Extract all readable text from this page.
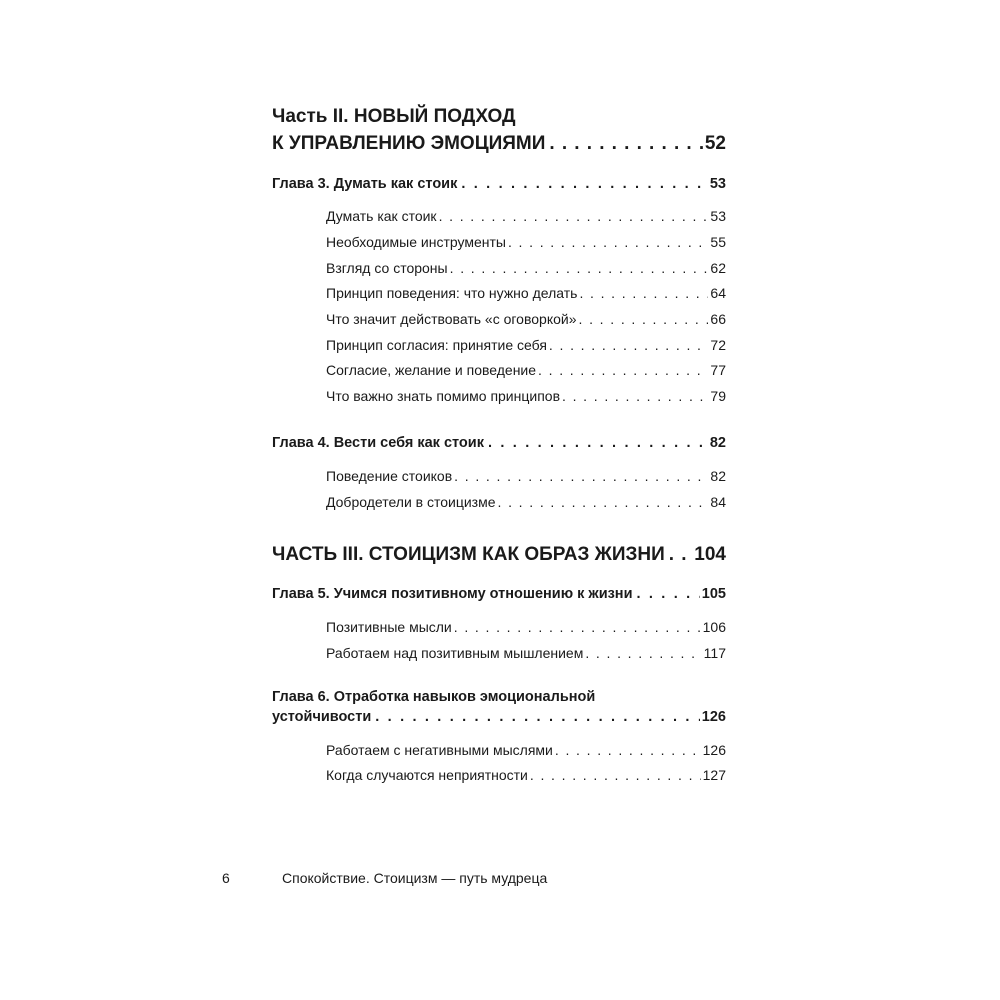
Часть II. НОВЫЙ ПОДХОД
К УПРАВЛЕНИЮ ЭМОЦИЯМИ . . .	52
Глава 3. Думать как стоик . . .	53
Думать как стоик . . .	53
Необходимые инструменты . . .	55
Взгляд со стороны . . .	62
Принцип поведения: что нужно делать . . .	64
Что значит действовать «с оговоркой» . . .	66
Принцип согласия: принятие себя . . .	72
Согласие, желание и поведение . . .	77
Что важно знать помимо принципов . . .	79
Глава 4. Вести себя как стоик . . .	82
Поведение стоиков . . .	82
Добродетели в стоицизме . . .	84
ЧАСТЬ III. СТОИЦИЗМ КАК ОБРАЗ ЖИЗНИ . . . 104
Глава 5. Учимся позитивному отношению к жизни . . .	105
Позитивные мысли . . .	106
Работаем над позитивным мышлением . . .	117
Глава 6. Отработка навыков эмоциональной
устойчивости . . .	126
Работаем с негативными мыслями . . .	126
Когда случаются неприятности . . .	127
6	Спокойствие. Стоицизм — путь мудреца
